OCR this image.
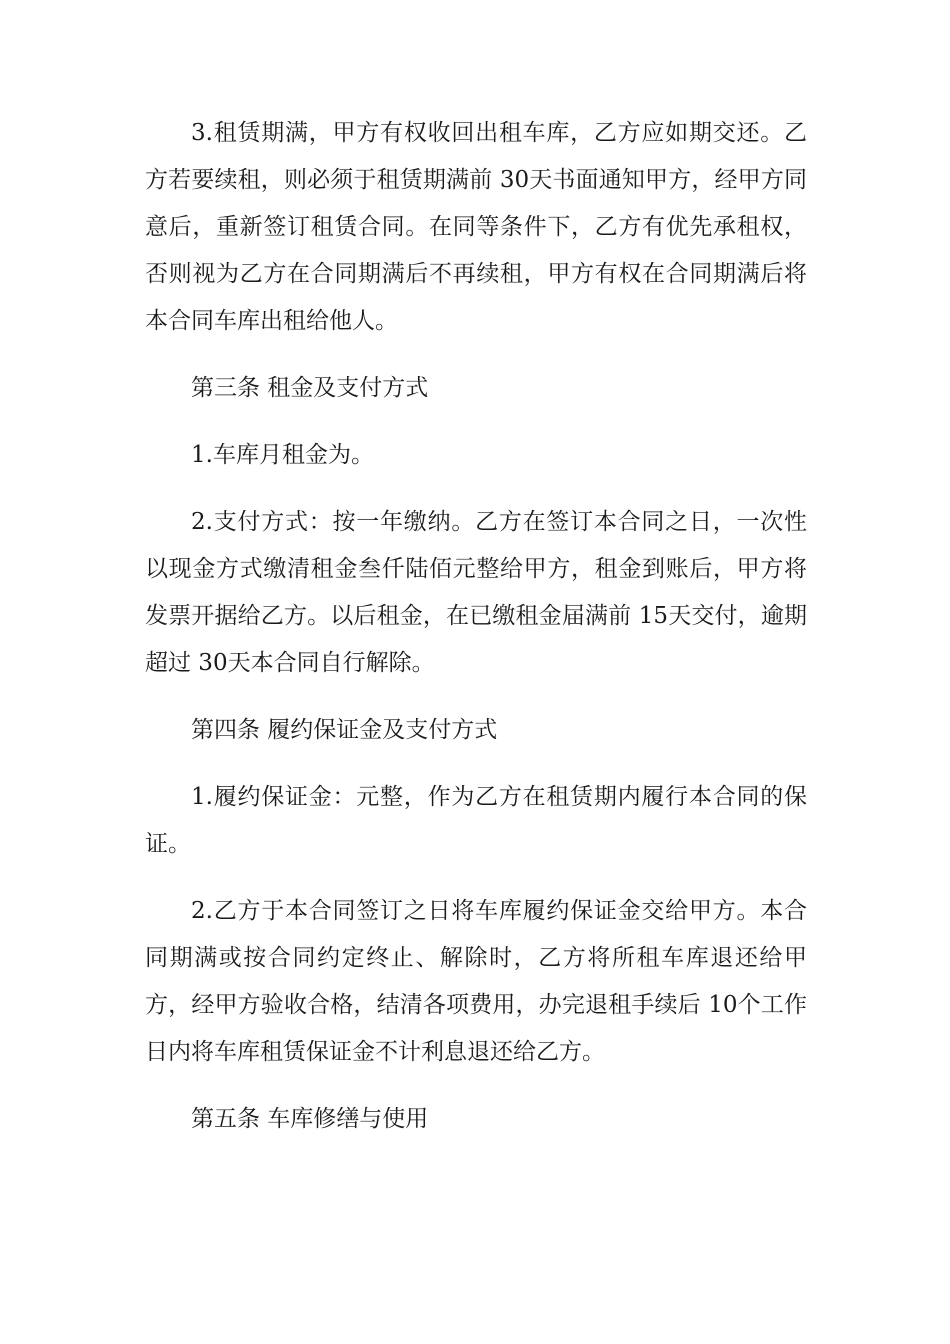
3.租赁期满，甲方有权收回出租车库，乙方应如期交还。乙方若要续租，则必须于租赁期满前 30天书面通知甲方，经甲方同意后，重新签订租赁合同。在同等条件下，乙方有优先承租权，否则视为乙方在合同期满后不再续租，甲方有权在合同期满后将本合同车库出租给他人。

第三条 租金及支付方式

1.车库月租金为。

2.支付方式：按一年缴纳。乙方在签订本合同之日，一次性以现金方式缴清租金叁仟陆佰元整给甲方，租金到账后，甲方将发票开据给乙方。以后租金，在已缴租金届满前 15天交付，逾期超过 30天本合同自行解除。

第四条 履约保证金及支付方式

1.履约保证金：元整，作为乙方在租赁期内履行本合同的保证。

2.乙方于本合同签订之日将车库履约保证金交给甲方。本合同期满或按合同约定终止、解除时，乙方将所租车库退还给甲方，经甲方验收合格，结清各项费用，办完退租手续后 10个工作日内将车库租赁保证金不计利息退还给乙方。

第五条 车库修缮与使用
